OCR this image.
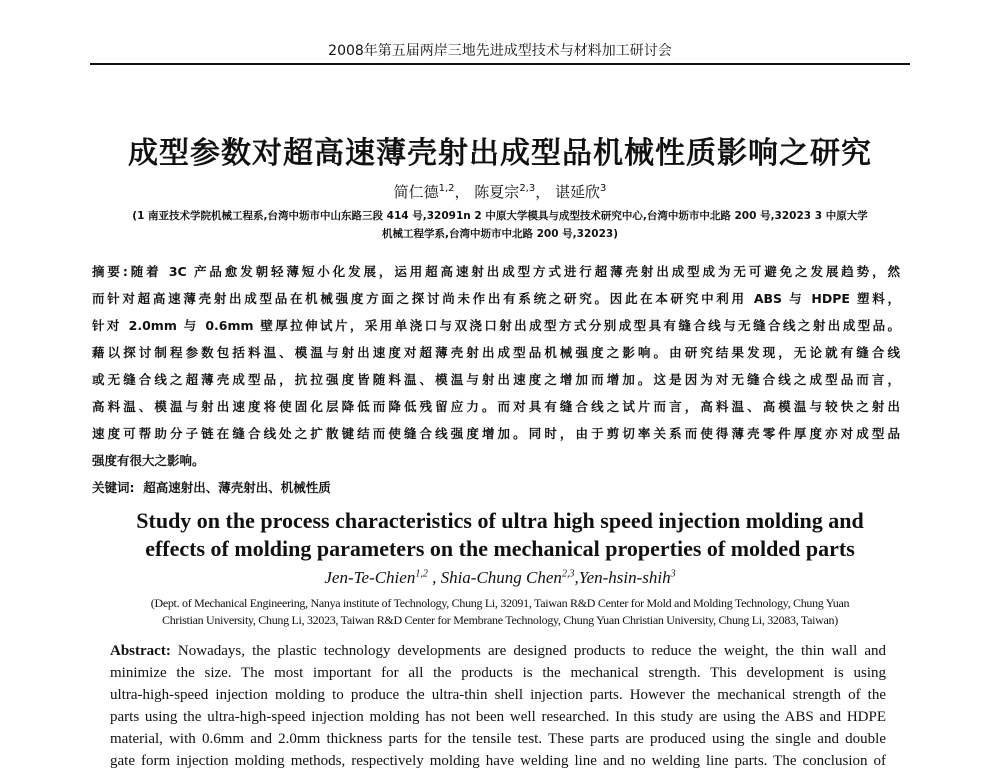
2008年第五届两岸三地先进成型技术与材料加工研讨会
成型参数对超高速薄壳射出成型品机械性质影响之研究
简仁德$^{1,2}$， 陈夏宗$^{2,3}$， 谌延欣$^3$
(1 南亚技术学院机械工程系,台湾中坜市中山东路三段 414 号,32091n 2 中原大学模具与成型技术研究中心,台湾中坜市中北路 200 号,32023 3 中原大学
机械工程学系,台湾中坜市中北路 200 号,32023)
摘要:随着 3C 产品愈发朝轻薄短小化发展，运用超高速射出成型方式进行超薄壳射出成型成为无可避免之发展趋势，然
而针对超高速薄壳射出成型品在机械强度方面之探讨尚未作出有系统之研究。因此在本研究中利用 ABS 与 HDPE 塑料，
针对 2.0mm 与 0.6mm 壁厚拉伸试片，采用单浇口与双浇口射出成型方式分别成型具有缝合线与无缝合线之射出成型品。
藉以探讨制程参数包括料温、模温与射出速度对超薄壳射出成型品机械强度之影响。由研究结果发现，无论就有缝合线
或无缝合线之超薄壳成型品，抗拉强度皆随料温、模温与射出速度之增加而增加。这是因为对无缝合线之成型品而言，
高料温、模温与射出速度将使固化层降低而降低残留应力。而对具有缝合线之试片而言，高料温、高模温与较快之射出
速度可帮助分子链在缝合线处之扩散键结而使缝合线强度增加。同时，由于剪切率关系而使得薄壳零件厚度亦对成型品
强度有很大之影响。
关键词: 超高速射出、薄壳射出、机械性质
Study on the process characteristics of ultra high speed injection molding and
effects of molding parameters on the mechanical properties of molded parts
Jen-Te-Chien$^{1,2}$ , Shia-Chung Chen$^{2,3}$,Yen-hsin-shih$^3$
(Dept. of Mechanical Engineering, Nanya institute of Technology, Chung Li, 32091, Taiwan R&D Center for Mold and Molding Technology, Chung Yuan
Christian University, Chung Li, 32023, Taiwan R&D Center for Membrane Technology, Chung Yuan Christian University, Chung Li, 32083, Taiwan)
Abstract: Nowadays, the plastic technology developments are designed products to reduce the weight, the thin wall and
minimize the size. The most important for all the products is the mechanical strength. This development is using
ultra-high-speed injection molding to produce the ultra-thin shell injection parts. However the mechanical strength of the
parts using the ultra-high-speed injection molding has not been well researched. In this study are using the ABS and HDPE
material, with 0.6mm and 2.0mm thickness parts for the tensile test. These parts are produced using the single and double
gate form injection molding methods, respectively molding have welding line and no welding line parts. The conclusion of
